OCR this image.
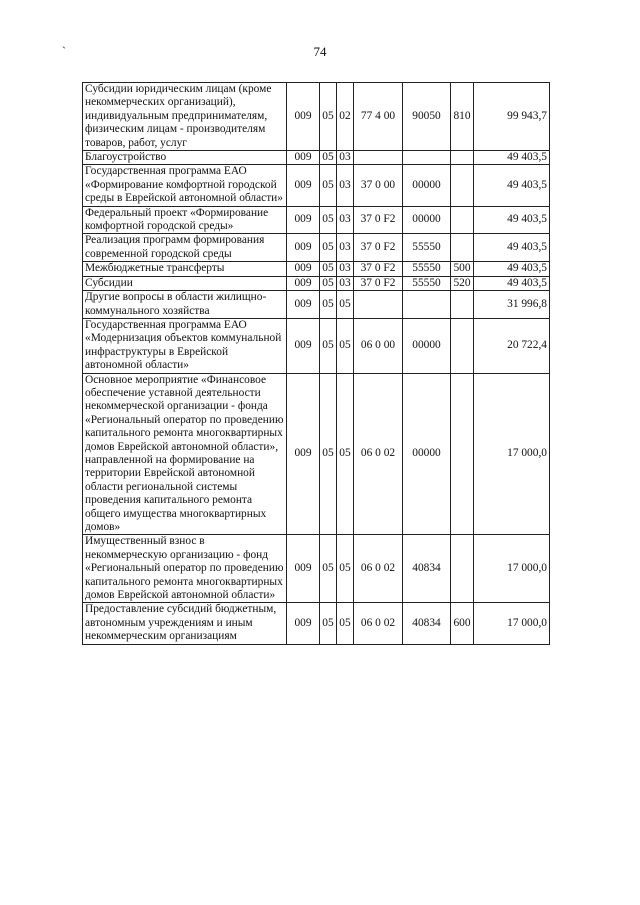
`	74
Субсидии юридическим лицам (кроме некоммерческих организаций), индивидуальным предпринимателям, физическим лицам - производителям товаров, работ, услуг	009	05	02	77 4 00	90050	810	99 943,7
Благоустройство	009	05	03				49 403,5
Государственная программа ЕАО «Формирование комфортной городской среды в Еврейской автономной области»	009	05	03	37 0 00	00000		49 403,5
Федеральный проект «Формирование комфортной городской среды»	009	05	03	37 0 F2	00000		49 403,5
Реализация программ формирования современной городской среды	009	05	03	37 0 F2	55550		49 403,5
Межбюджетные трансферты	009	05	03	37 0 F2	55550	500	49 403,5
Субсидии	009	05	03	37 0 F2	55550	520	49 403,5
Другие вопросы в области жилищно-коммунального хозяйства	009	05	05				31 996,8
Государственная программа ЕАО «Модернизация объектов коммунальной инфраструктуры в Еврейской автономной области»	009	05	05	06 0 00	00000		20 722,4
Основное мероприятие «Финансовое обеспечение уставной деятельности некоммерческой организации - фонда «Региональный оператор по проведению капитального ремонта многоквартирных домов Еврейской автономной области», направленной на формирование на территории Еврейской автономной области региональной системы проведения капитального ремонта общего имущества многоквартирных домов»	009	05	05	06 0 02	00000		17 000,0
Имущественный взнос в некоммерческую организацию - фонд «Региональный оператор по проведению капитального ремонта многоквартирных домов Еврейской автономной области»	009	05	05	06 0 02	40834		17 000,0
Предоставление субсидий бюджетным, автономным учреждениям и иным некоммерческим организациям	009	05	05	06 0 02	40834	600	17 000,0
